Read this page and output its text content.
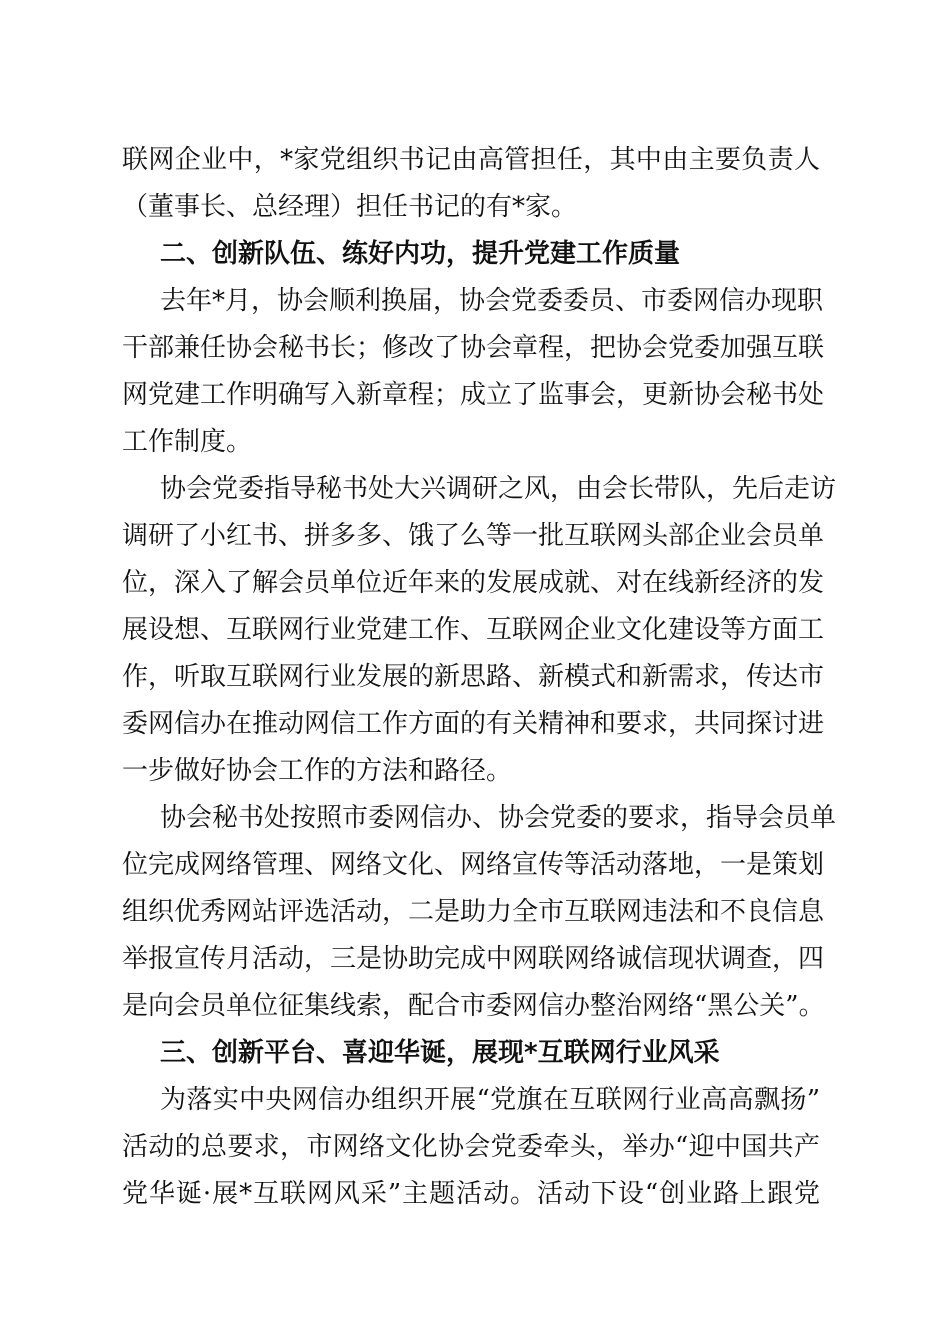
联网企业中，*家党组织书记由高管担任，其中由主要负责人
（董事长、总经理）担任书记的有*家。
二、创新队伍、练好内功，提升党建工作质量
去年*月，协会顺利换届，协会党委委员、市委网信办现职
干部兼任协会秘书长；修改了协会章程，把协会党委加强互联
网党建工作明确写入新章程；成立了监事会，更新协会秘书处
工作制度。
协会党委指导秘书处大兴调研之风，由会长带队，先后走访
调研了小红书、拼多多、饿了么等一批互联网头部企业会员单
位，深入了解会员单位近年来的发展成就、对在线新经济的发
展设想、互联网行业党建工作、互联网企业文化建设等方面工
作，听取互联网行业发展的新思路、新模式和新需求，传达市
委网信办在推动网信工作方面的有关精神和要求，共同探讨进
一步做好协会工作的方法和路径。
协会秘书处按照市委网信办、协会党委的要求，指导会员单
位完成网络管理、网络文化、网络宣传等活动落地，一是策划
组织优秀网站评选活动，二是助力全市互联网违法和不良信息
举报宣传月活动，三是协助完成中网联网络诚信现状调查，四
是向会员单位征集线索，配合市委网信办整治网络“黑公关”。
三、创新平台、喜迎华诞，展现*互联网行业风采
为落实中央网信办组织开展“党旗在互联网行业高高飘扬”
活动的总要求，市网络文化协会党委牵头，举办“迎中国共产
党华诞·展*互联网风采”主题活动。活动下设“创业路上跟党
